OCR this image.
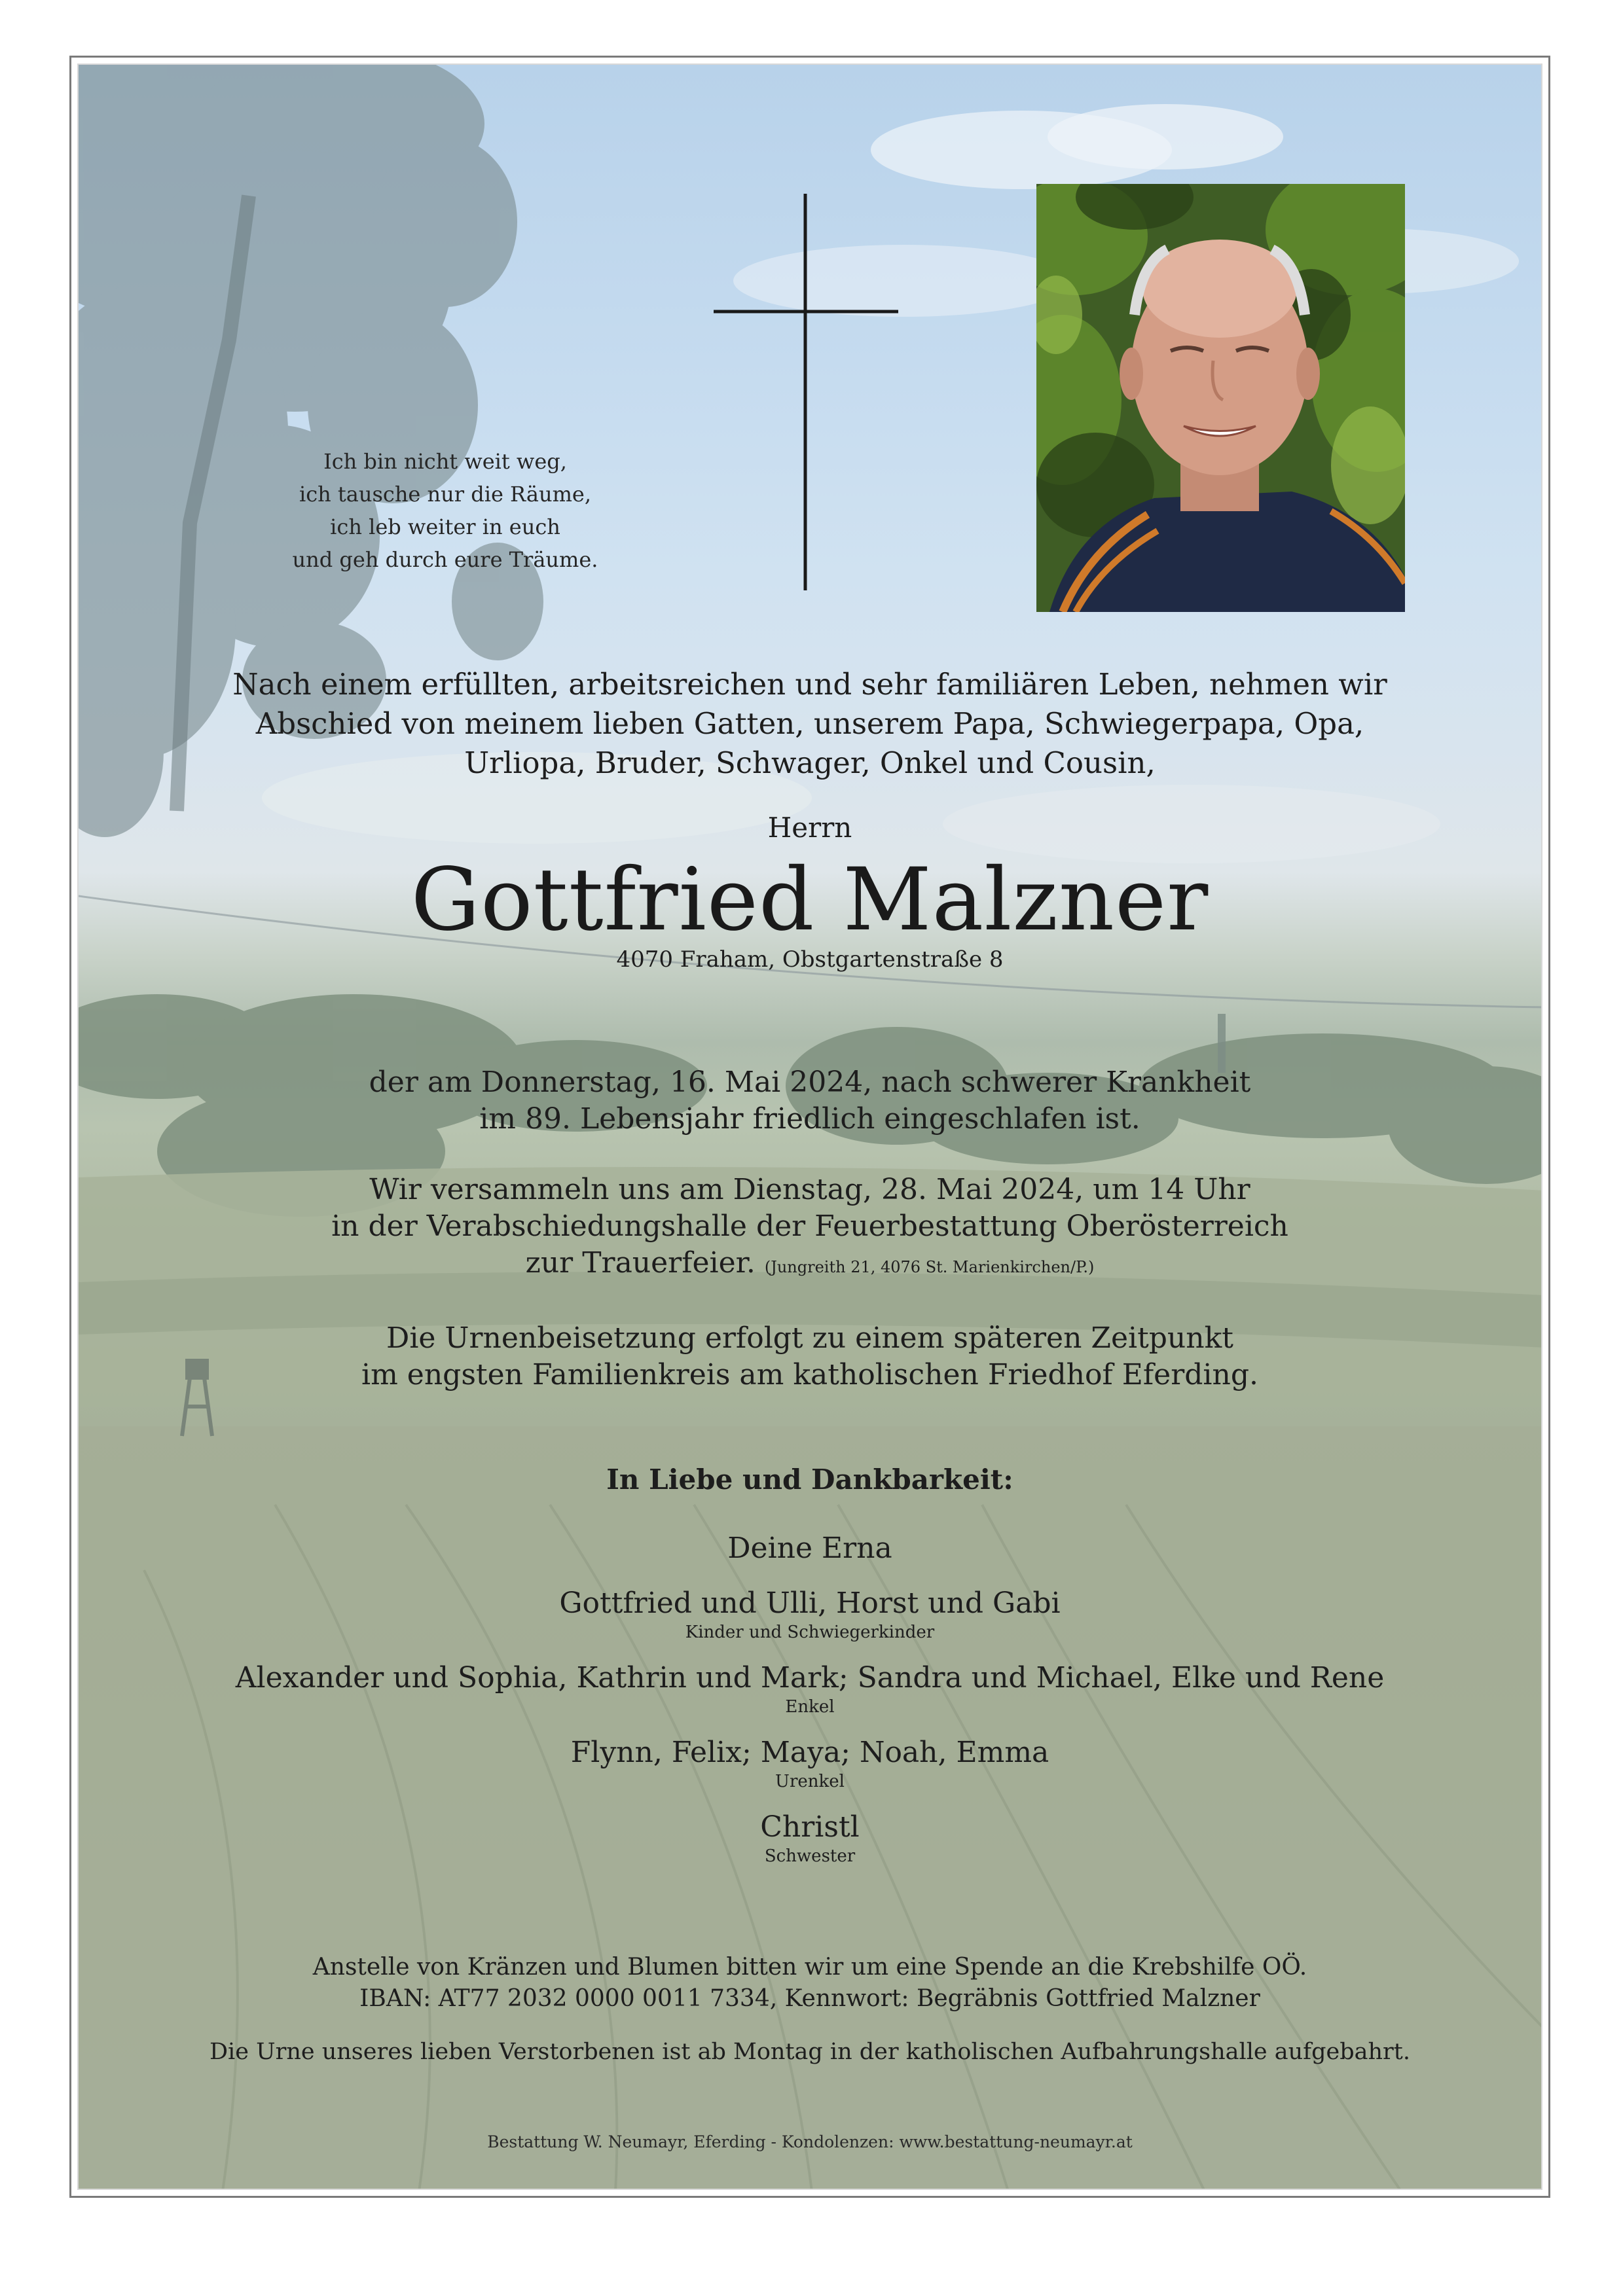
Ich bin nicht weit weg,
ich tausche nur die Räume,
ich leb weiter in euch
und geh durch eure Träume.
Nach einem erfüllten, arbeitsreichen und sehr familiären Leben, nehmen wir
Abschied von meinem lieben Gatten, unserem Papa, Schwiegerpapa, Opa,
Urliopa, Bruder, Schwager, Onkel und Cousin,
Herrn
Gottfried Malzner
4070 Fraham, Obstgartenstraße 8
der am Donnerstag, 16. Mai 2024, nach schwerer Krankheit
im 89. Lebensjahr friedlich eingeschlafen ist.
Wir versammeln uns am Dienstag, 28. Mai 2024, um 14 Uhr
in der Verabschiedungshalle der Feuerbestattung Oberösterreich
zur Trauerfeier. (Jungreith 21, 4076 St. Marienkirchen/P.)
Die Urnenbeisetzung erfolgt zu einem späteren Zeitpunkt
im engsten Familienkreis am katholischen Friedhof Eferding.
In Liebe und Dankbarkeit:
Deine Erna
Gottfried und Ulli, Horst und Gabi
Kinder und Schwiegerkinder
Alexander und Sophia, Kathrin und Mark; Sandra und Michael, Elke und Rene
Enkel
Flynn, Felix; Maya; Noah, Emma
Urenkel
Christl
Schwester
Anstelle von Kränzen und Blumen bitten wir um eine Spende an die Krebshilfe OÖ.
IBAN: AT77 2032 0000 0011 7334, Kennwort: Begräbnis Gottfried Malzner
Die Urne unseres lieben Verstorbenen ist ab Montag in der katholischen Aufbahrungshalle aufgebahrt.
Bestattung W. Neumayr, Eferding - Kondolenzen: www.bestattung-neumayr.at
